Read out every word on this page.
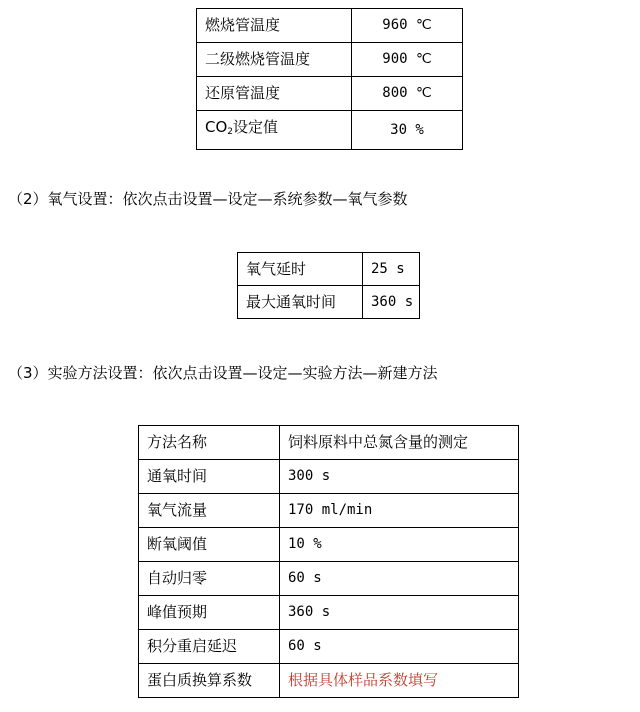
燃烧管温度	960 ℃
二级燃烧管温度	900 ℃
还原管温度	800 ℃
$CO_2$设定值	30 %
（2）氧气设置：依次点击设置—设定—系统参数—氧气参数
氧气延时	25 s
最大通氧时间	360 s
（3）实验方法设置：依次点击设置—设定—实验方法—新建方法
方法名称	饲料原料中总氮含量的测定
通氧时间	300 s
氧气流量	170 ml/min
断氧阈值	10 %
自动归零	60 s
峰值预期	360 s
积分重启延迟	60 s
蛋白质换算系数	根据具体样品系数填写
